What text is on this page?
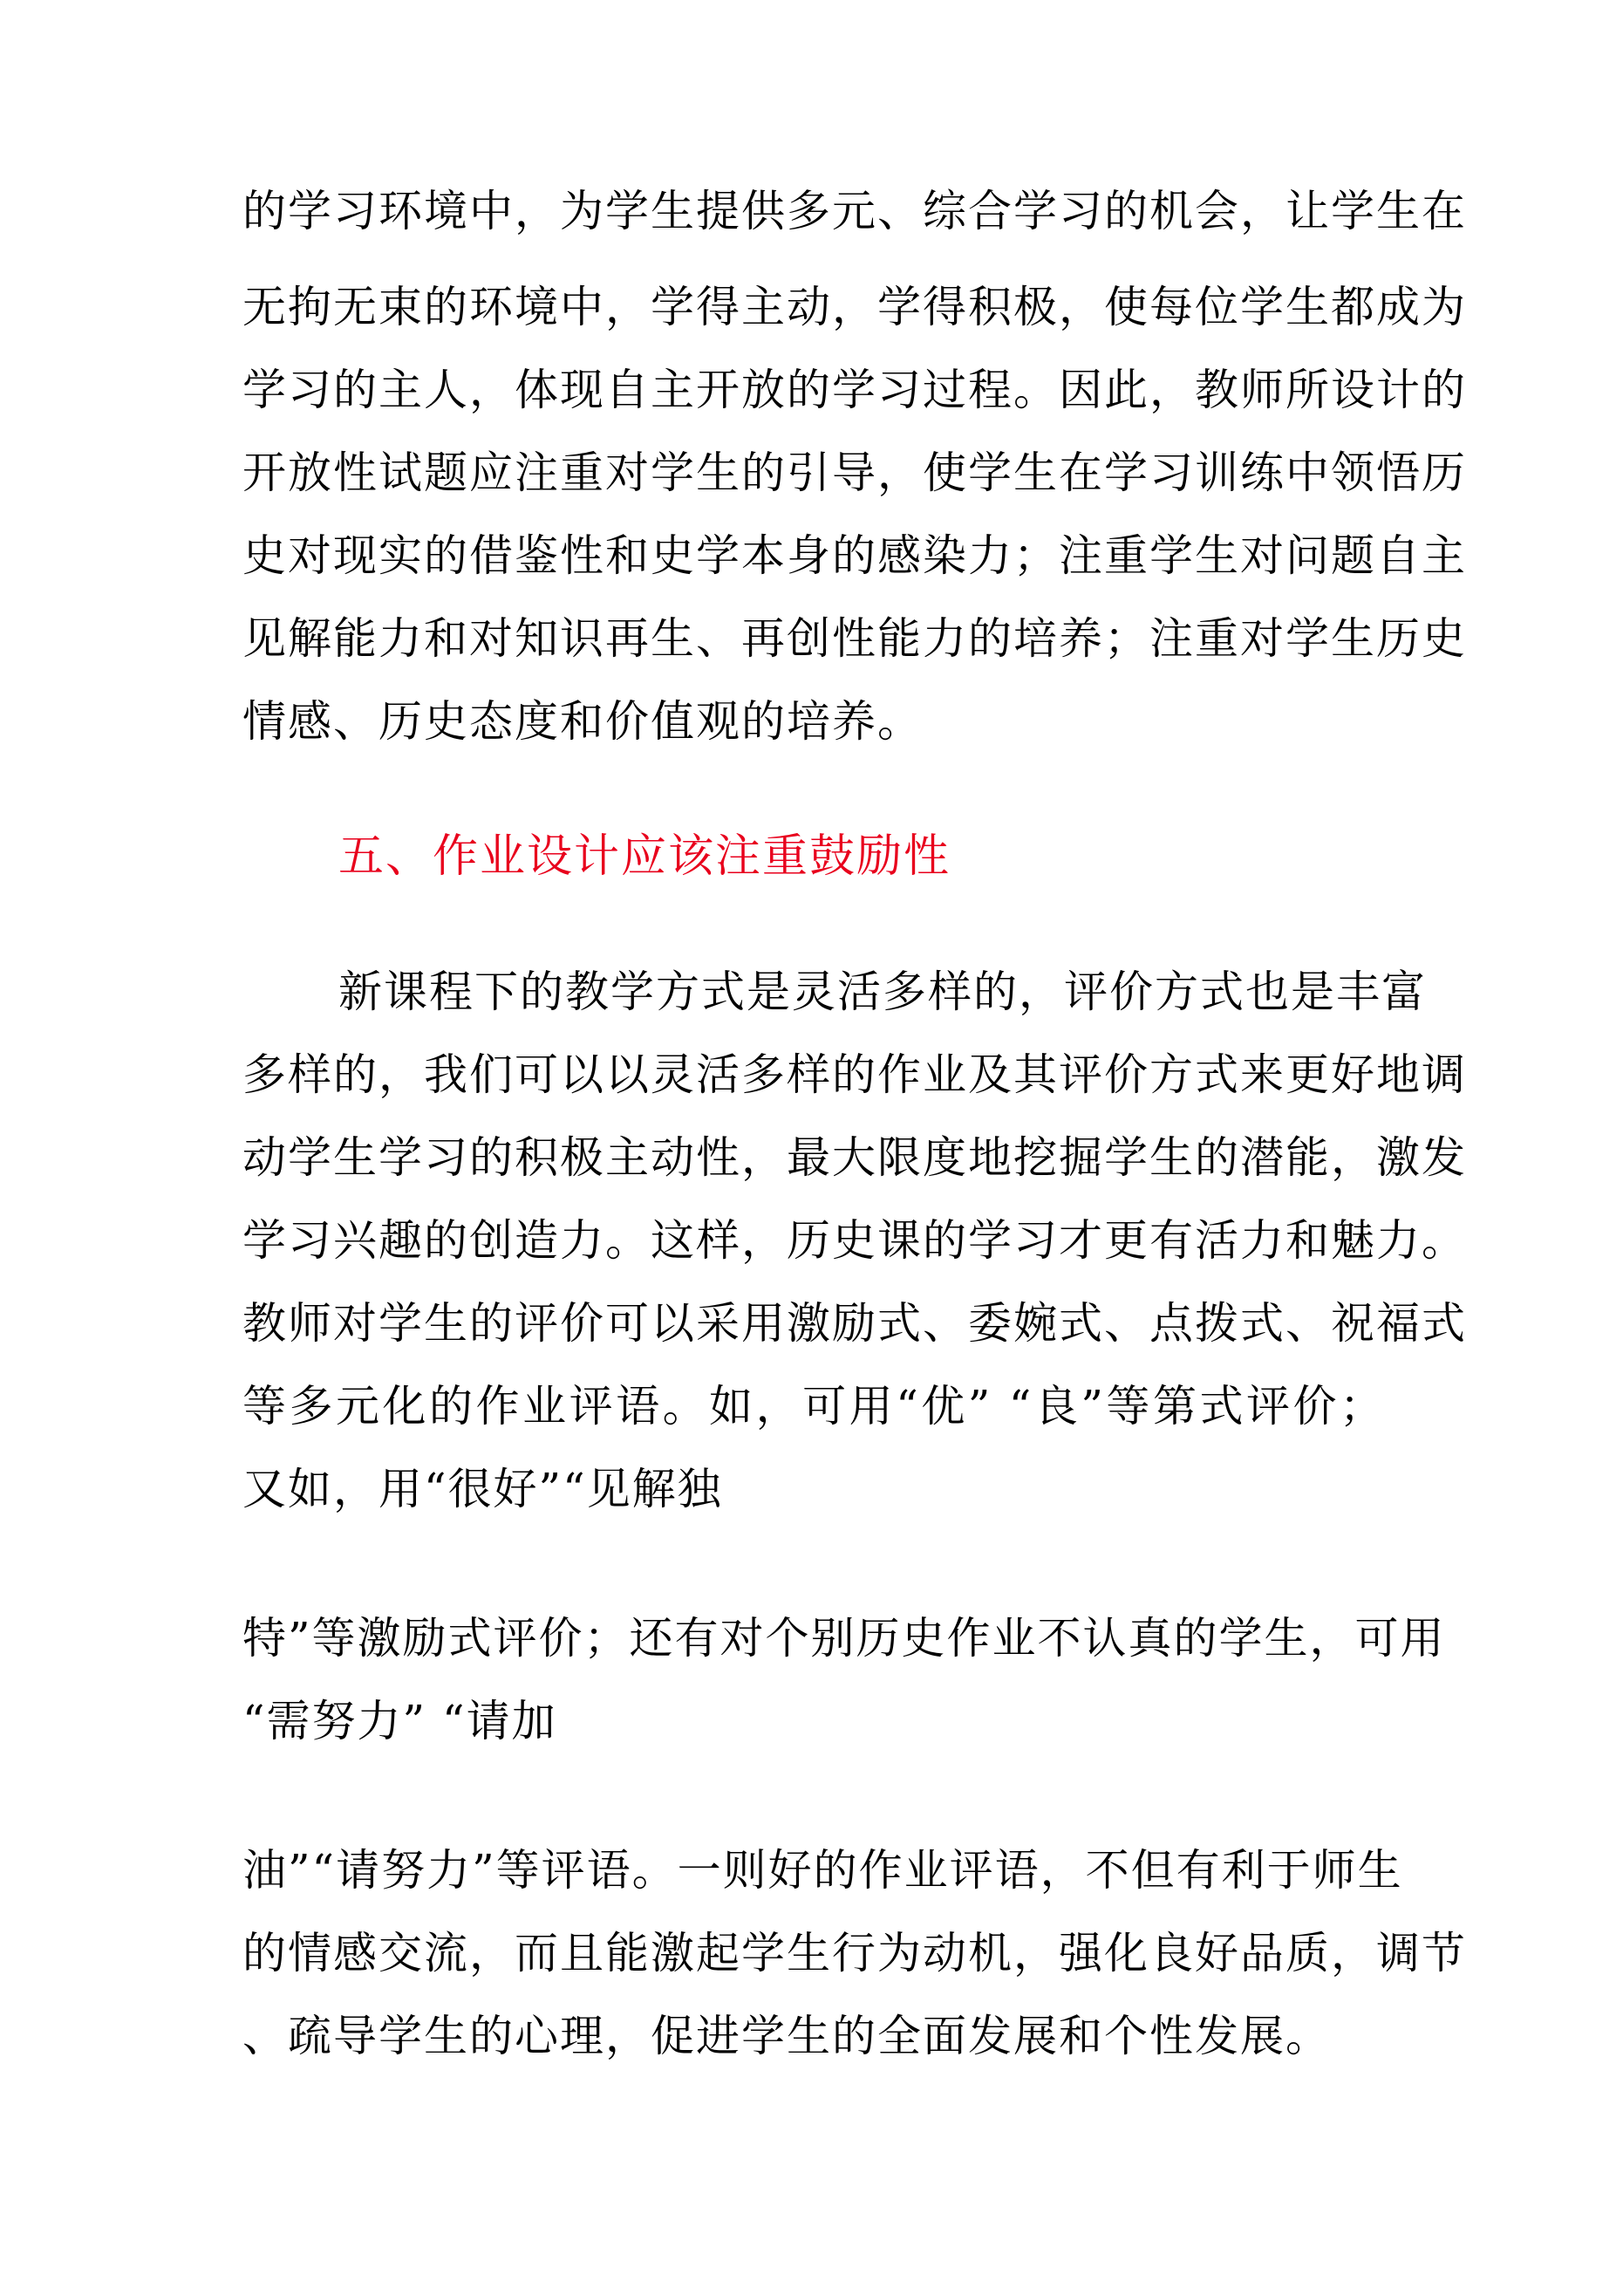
的学习环境中，为学生提供多元、综合学习的机会，让学生在
无拘无束的环境中，学得主动，学得积极，使每位学生都成为
学习的主人，体现自主开放的学习过程。因此，教师所设计的
开放性试题应注重对学生的引导，使学生在学习训练中领悟历
史对现实的借鉴性和史学本身的感染力；注重学生对问题自主
见解能力和对知识再生、再创性能力的培养；注重对学生历史
情感、历史态度和价值观的培养。
五、作业设计应该注重鼓励性
新课程下的教学方式是灵活多样的，评价方式也是丰富
多样的，我们可以以灵活多样的作业及其评价方式来更好地调
动学生学习的积极主动性，最大限度地挖掘学生的潜能，激发
学习兴趣的创造力。这样，历史课的学习才更有活力和魅力。
教师对学生的评价可以采用激励式、委婉式、点拨式、祝福式
等多元化的作业评语。如，可用“优” “良”等第式评价；
又如，用“很好”“见解独
特”等激励式评价；还有对个别历史作业不认真的学生，可用
“需努力” “请加
油”“请努力”等评语。一则好的作业评语，不但有利于师生
的情感交流，而且能激起学生行为动机，强化良好品质，调节
、疏导学生的心理，促进学生的全面发展和个性发展。
